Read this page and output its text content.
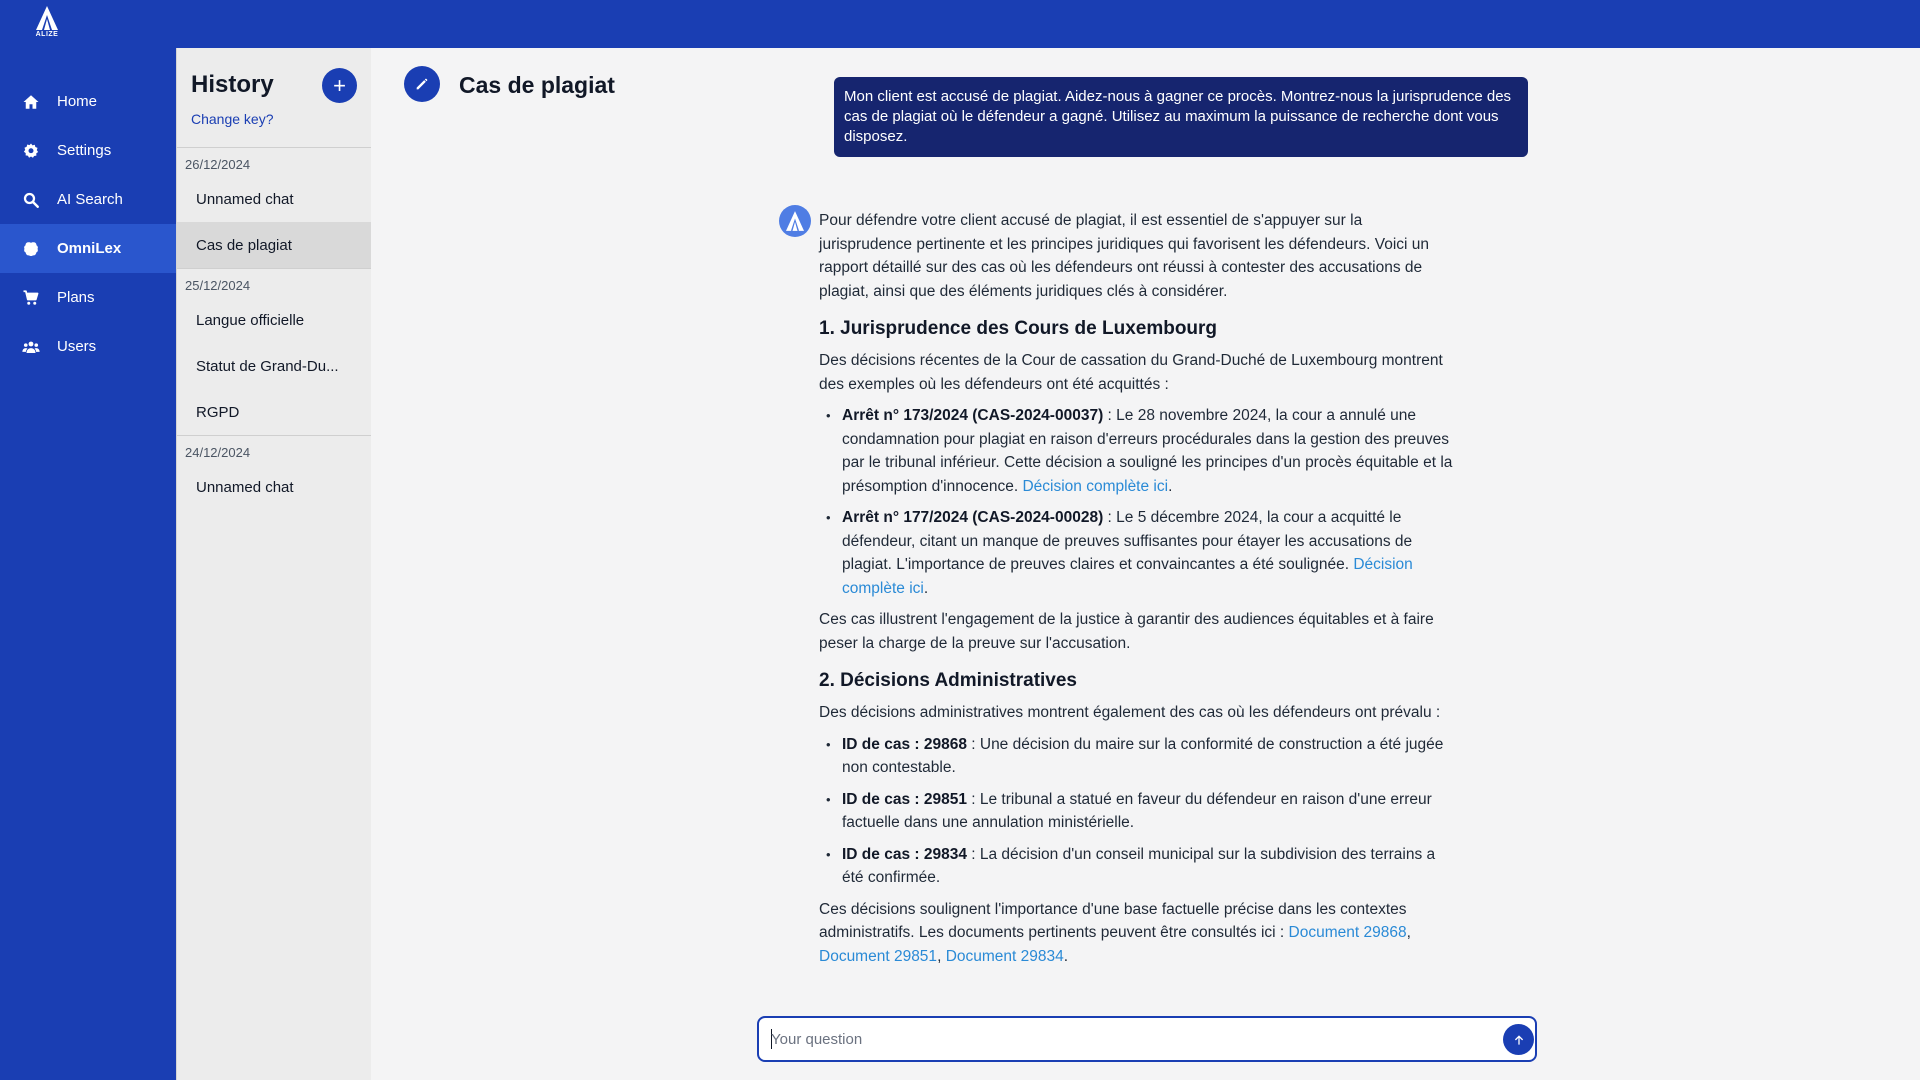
ALIZE
Home
Settings
AI Search
OmniLex
Plans
Users
History	+
Change key?
26/12/2024
Unnamed chat
Cas de plagiat
25/12/2024
Langue officielle
Statut de Grand-Du...
RGPD
24/12/2024
Unnamed chat
Cas de plagiat	Mon client est accusé de plagiat. Aidez-nous à gagner ce procès. Montrez-nous la jurisprudence des cas de plagiat où le défendeur a gagné. Utilisez au maximum la puissance de recherche dont vous disposez.

Pour défendre votre client accusé de plagiat, il est essentiel de s'appuyer sur la jurisprudence pertinente et les principes juridiques qui favorisent les défendeurs. Voici un rapport détaillé sur des cas où les défendeurs ont réussi à contester des accusations de plagiat, ainsi que des éléments juridiques clés à considérer.

1. Jurisprudence des Cours de Luxembourg

Des décisions récentes de la Cour de cassation du Grand-Duché de Luxembourg montrent des exemples où les défendeurs ont été acquittés :

• Arrêt n° 173/2024 (CAS-2024-00037) : Le 28 novembre 2024, la cour a annulé une condamnation pour plagiat en raison d'erreurs procédurales dans la gestion des preuves par le tribunal inférieur. Cette décision a souligné les principes d'un procès équitable et la présomption d'innocence. Décision complète ici.
• Arrêt n° 177/2024 (CAS-2024-00028) : Le 5 décembre 2024, la cour a acquitté le défendeur, citant un manque de preuves suffisantes pour étayer les accusations de plagiat. L'importance de preuves claires et convaincantes a été soulignée. Décision complète ici.

Ces cas illustrent l'engagement de la justice à garantir des audiences équitables et à faire peser la charge de la preuve sur l'accusation.

2. Décisions Administratives

Des décisions administratives montrent également des cas où les défendeurs ont prévalu :

• ID de cas : 29868 : Une décision du maire sur la conformité de construction a été jugée non contestable.
• ID de cas : 29851 : Le tribunal a statué en faveur du défendeur en raison d'une erreur factuelle dans une annulation ministérielle.
• ID de cas : 29834 : La décision d'un conseil municipal sur la subdivision des terrains a été confirmée.

Ces décisions soulignent l'importance d'une base factuelle précise dans les contextes administratifs. Les documents pertinents peuvent être consultés ici : Document 29868, Document 29851, Document 29834.

Your question
